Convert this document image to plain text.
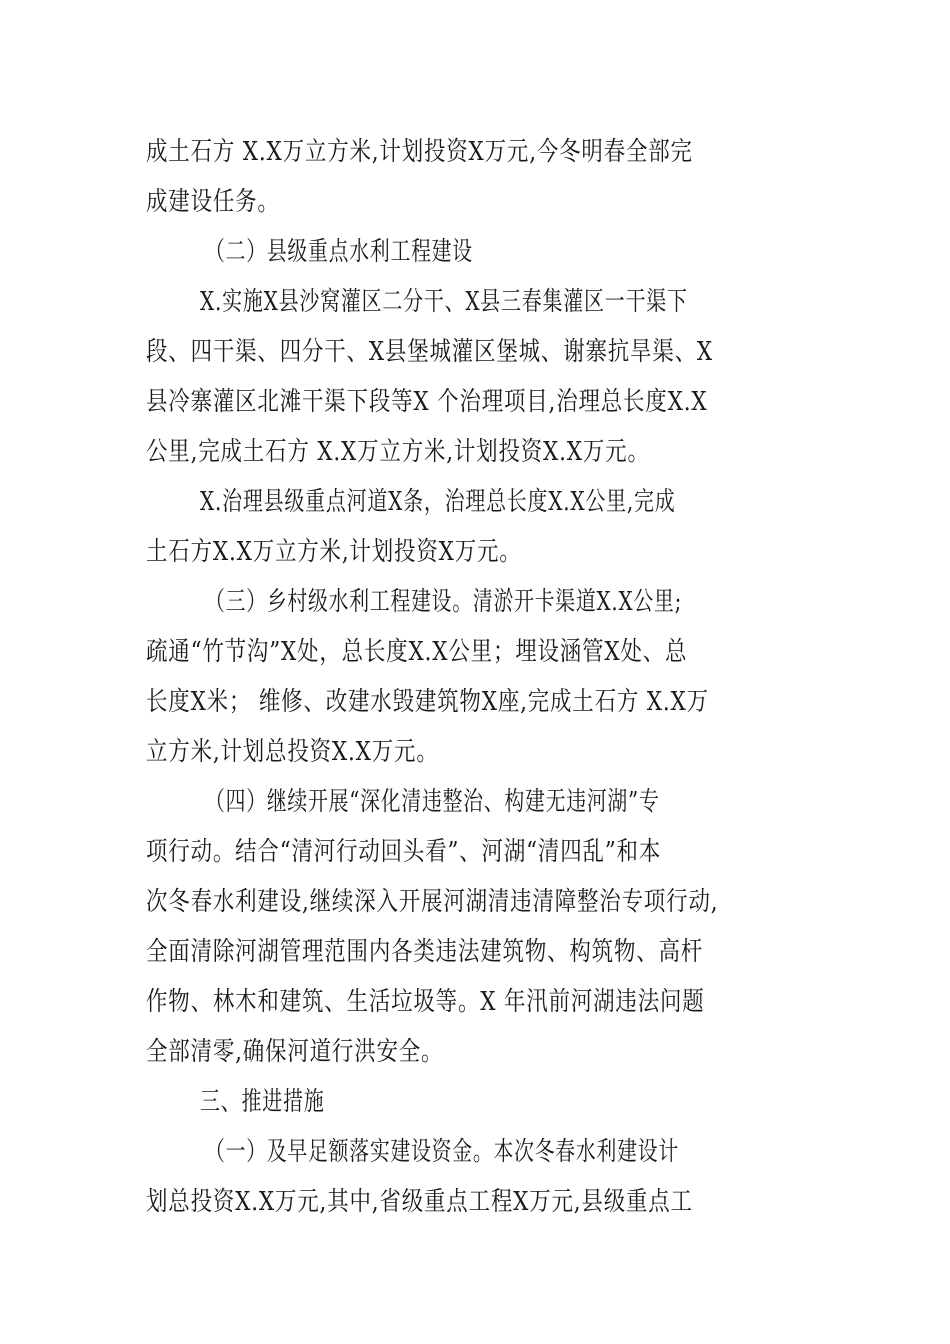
成土石方 X.X万立方米,计划投资X万元,今冬明春全部完
成建设任务。
（二）县级重点水利工程建设
X.实施X县沙窝灌区二分干、X县三春集灌区一干渠下
段、四干渠、四分干、X县堡城灌区堡城、谢寨抗旱渠、X
县冷寨灌区北滩干渠下段等X 个治理项目,治理总长度X.X
公里,完成土石方 X.X万立方米,计划投资X.X万元。
X.治理县级重点河道X条，治理总长度X.X公里,完成
土石方X.X万立方米,计划投资X万元。
（三）乡村级水利工程建设。清淤开卡渠道X.X公里;
疏通“竹节沟”X处，总长度X.X公里；埋设涵管X处、总
长度X米； 维修、改建水毁建筑物X座,完成土石方 X.X万
立方米,计划总投资X.X万元。
（四）继续开展“深化清违整治、构建无违河湖”专
项行动。结合“清河行动回头看”、河湖“清四乱”和本
次冬春水利建设,继续深入开展河湖清违清障整治专项行动,
全面清除河湖管理范围内各类违法建筑物、构筑物、高杆
作物、林木和建筑、生活垃圾等。X 年汛前河湖违法问题
全部清零,确保河道行洪安全。
三、推进措施
（一）及早足额落实建设资金。本次冬春水利建设计
划总投资X.X万元,其中,省级重点工程X万元,县级重点工
